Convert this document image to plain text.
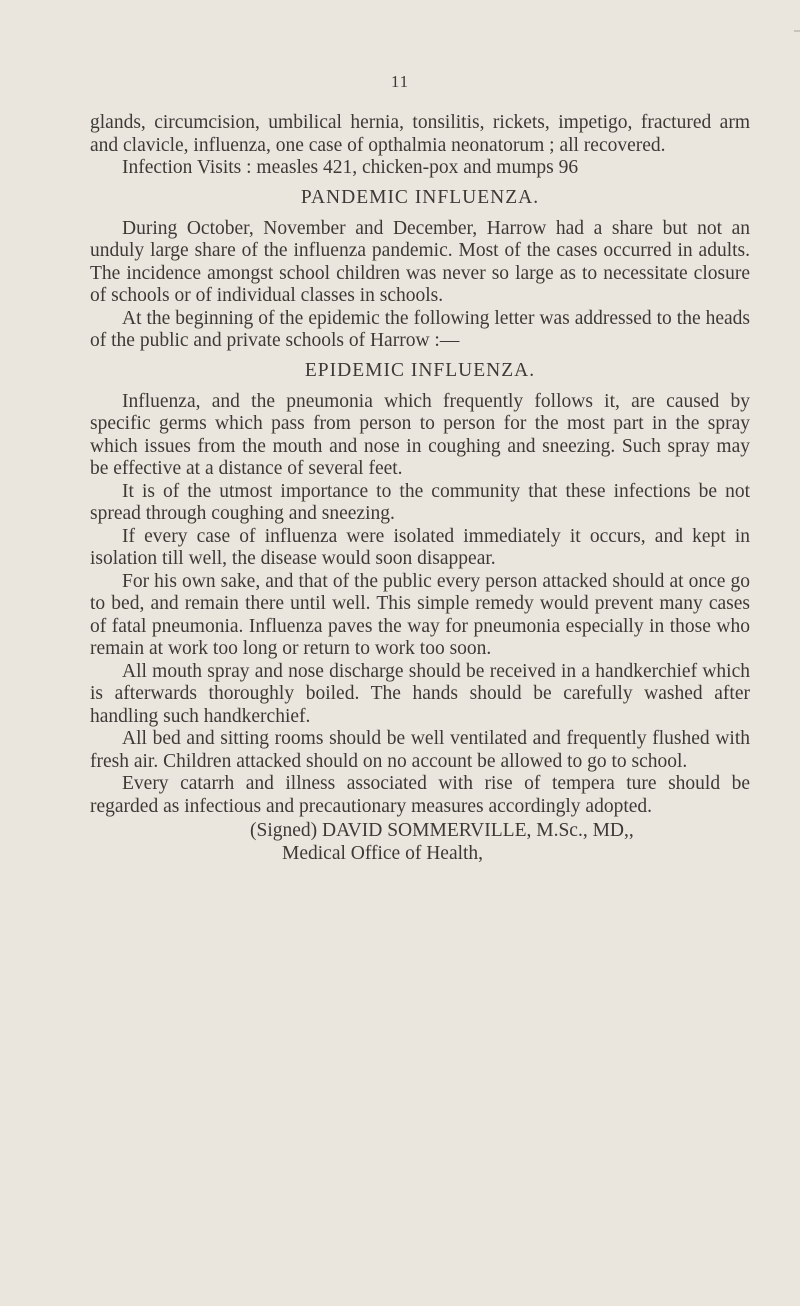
11

glands, circumcision, umbilical hernia, tonsilitis, rickets, impetigo, fractured arm and clavicle, influenza, one case of opthalmia neonatorum ; all recovered.

Infection Visits : measles 421, chicken-pox and mumps 96

PANDEMIC INFLUENZA.

During October, November and December, Harrow had a share but not an unduly large share of the influenza pandemic. Most of the cases occurred in adults. The incidence amongst school children was never so large as to necessitate closure of schools or of individual classes in schools.

At the beginning of the epidemic the following letter was addressed to the heads of the public and private schools of Harrow :—

EPIDEMIC INFLUENZA.

Influenza, and the pneumonia which frequently follows it, are caused by specific germs which pass from person to person for the most part in the spray which issues from the mouth and nose in coughing and sneezing. Such spray may be effective at a distance of several feet.

It is of the utmost importance to the community that these infections be not spread through coughing and sneezing.

If every case of influenza were isolated immediately it occurs, and kept in isolation till well, the disease would soon disappear.

For his own sake, and that of the public every person attacked should at once go to bed, and remain there until well. This simple remedy would prevent many cases of fatal pneumonia. Influenza paves the way for pneumonia especially in those who remain at work too long or return to work too soon.

All mouth spray and nose discharge should be received in a handkerchief which is afterwards thoroughly boiled. The hands should be carefully washed after handling such handkerchief.

All bed and sitting rooms should be well ventilated and frequently flushed with fresh air. Children attacked should on no account be allowed to go to school.

Every catarrh and illness associated with rise of tempera ture should be regarded as infectious and precautionary measures accordingly adopted.

(Signed) DAVID SOMMERVILLE, M.Sc., MD,,
Medical Office of Health,
